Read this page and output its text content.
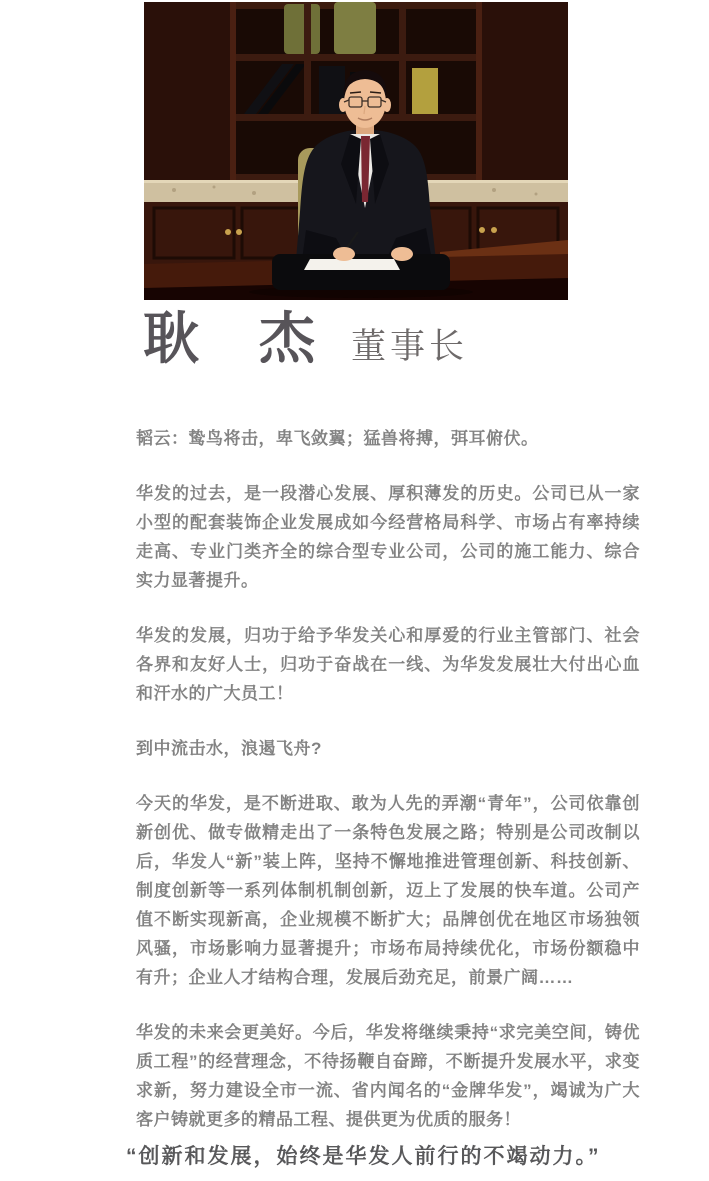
耿　杰 董事长

韬云：鸷鸟将击，卑飞敛翼；猛兽将搏，弭耳俯伏。

华发的过去，是一段潜心发展、厚积薄发的历史。公司已从一家小型的配套装饰企业发展成如今经营格局科学、市场占有率持续走高、专业门类齐全的综合型专业公司，公司的施工能力、综合实力显著提升。

华发的发展，归功于给予华发关心和厚爱的行业主管部门、社会各界和友好人士，归功于奋战在一线、为华发发展壮大付出心血和汗水的广大员工！

到中流击水，浪遏飞舟?

今天的华发，是不断进取、敢为人先的弄潮“青年”，公司依靠创新创优、做专做精走出了一条特色发展之路；特别是公司改制以后，华发人“新”装上阵，坚持不懈地推进管理创新、科技创新、制度创新等一系列体制机制创新，迈上了发展的快车道。公司产值不断实现新高，企业规模不断扩大；品牌创优在地区市场独领风骚，市场影响力显著提升；市场布局持续优化，市场份额稳中有升；企业人才结构合理，发展后劲充足，前景广阔……

华发的未来会更美好。今后，华发将继续秉持“求完美空间，铸优质工程”的经营理念，不待扬鞭自奋蹄，不断提升发展水平，求变求新，努力建设全市一流、省内闻名的“金牌华发”，竭诚为广大客户铸就更多的精品工程、提供更为优质的服务！

“创新和发展，始终是华发人前行的不竭动力。”
